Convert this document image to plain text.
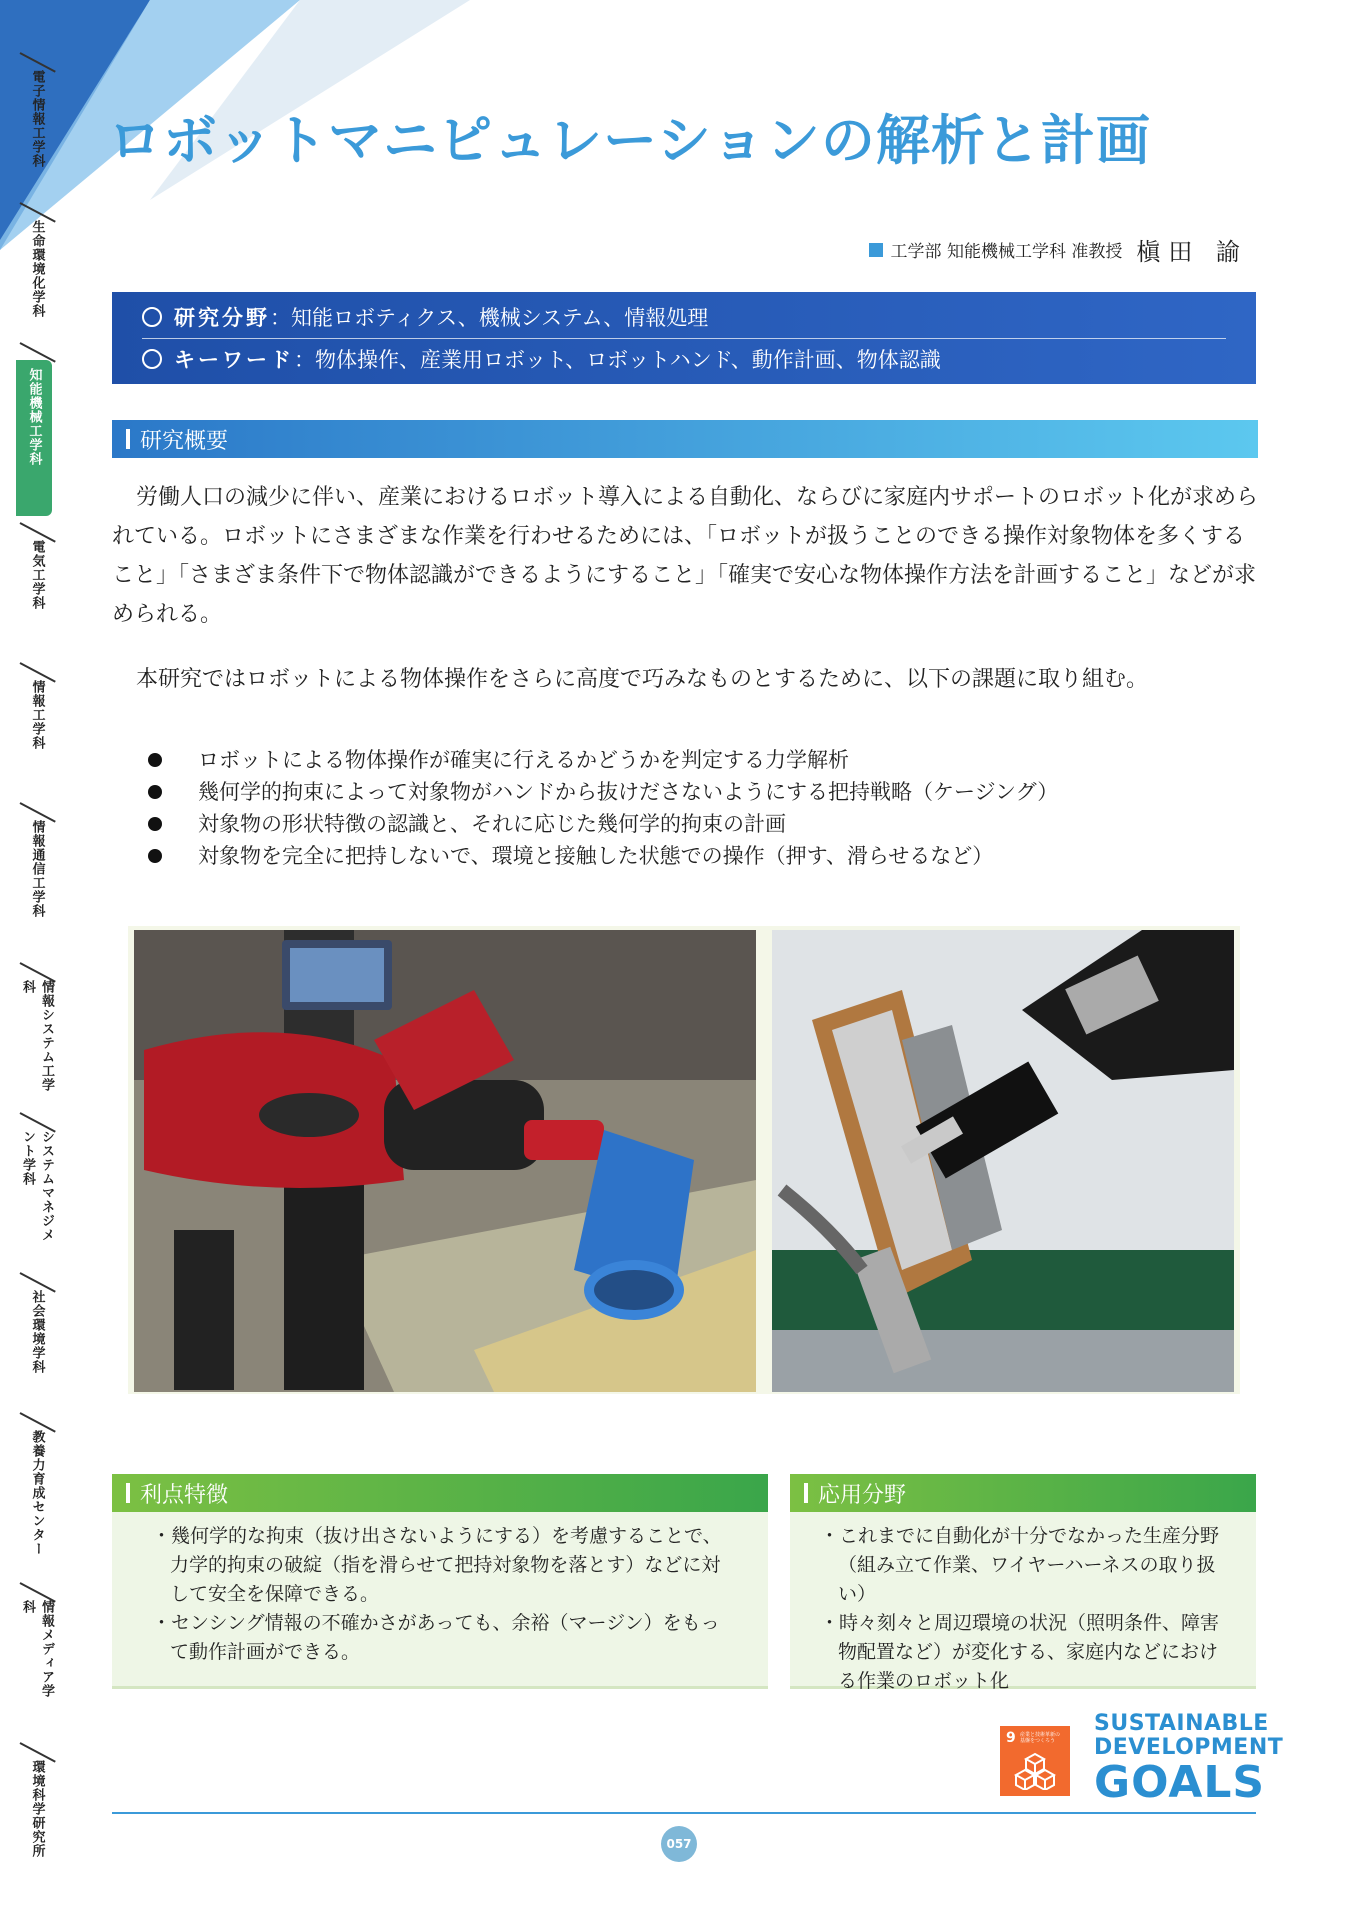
電子情報工学科
生命環境化学科
知能機械工学科
電気工学科
情報工学科
情報通信工学科
情報システム工学科
システムマネジメント学科
社会環境学科
教養力育成センター
情報メディア学科
環境科学研究所
ロボットマニピュレーションの解析と計画
工学部 知能機械工学科 准教授 槇田 諭
研究分野 ：知能ロボティクス、機械システム、情報処理
キーワード ：物体操作、産業用ロボット、ロボットハンド、動作計画、物体認識
研究概要
労働人口の減少に伴い、産業におけるロボット導入による自動化、ならびに家庭内サポートのロボット化が求められている。ロボットにさまざまな作業を行わせるためには、「ロボットが扱うことのできる操作対象物体を多くすること」「さまざま条件下で物体認識ができるようにすること」「確実で安心な物体操作方法を計画すること」などが求められる。
本研究ではロボットによる物体操作をさらに高度で巧みなものとするために、以下の課題に取り組む。
ロボットによる物体操作が確実に行えるかどうかを判定する力学解析
幾何学的拘束によって対象物がハンドから抜けださないようにする把持戦略（ケージング）
対象物の形状特徴の認識と、それに応じた幾何学的拘束の計画
対象物を完全に把持しないで、環境と接触した状態での操作（押す、滑らせるなど）
利点特徴
・幾何学的な拘束（抜け出さないようにする）を考慮することで、力学的拘束の破綻（指を滑らせて把持対象物を落とす）などに対して安全を保障できる。
・センシング情報の不確かさがあっても、余裕（マージン）をもって動作計画ができる。
応用分野
・これまでに自動化が十分でなかった生産分野（組み立て作業、ワイヤーハーネスの取り扱い）
・時々刻々と周辺環境の状況（照明条件、障害物配置など）が変化する、家庭内などにおける作業のロボット化
9 産業と技術革新の基盤をつくろう
SUSTAINABLE
DEVELOPMENT
GOALS
057
